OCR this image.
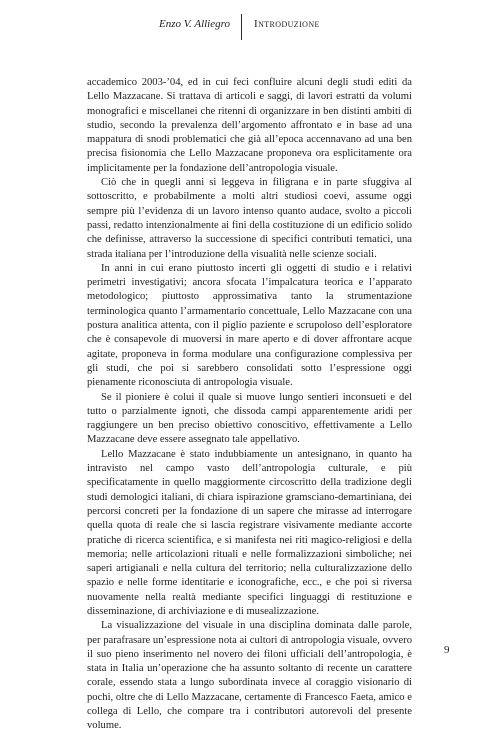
Enzo V. Alliegro Introduzione

accademico 2003-’04, ed in cui feci confluire alcuni degli studi editi da Lello Mazzacane. Si trattava di articoli e saggi, di lavori estratti da volumi monografici e miscellanei che ritenni di organizzare in ben distinti ambiti di studio, secondo la prevalenza dell’argomento affrontato e in base ad una mappatura di snodi problematici che già all’epoca accennavano ad una ben precisa fisionomia che Lello Mazzacane proponeva ora esplicitamente ora implicitamente per la fondazione dell’antropologia visuale.

Ciò che in quegli anni si leggeva in filigrana e in parte sfuggiva al sottoscritto, e probabilmente a molti altri studiosi coevi, assume oggi sempre più l’evidenza di un lavoro intenso quanto audace, svolto a piccoli passi, redatto intenzionalmente ai fini della costituzione di un edificio solido che definisse, attraverso la successione di specifici contributi tematici, una strada italiana per l’introduzione della visualità nelle scienze sociali.

In anni in cui erano piuttosto incerti gli oggetti di studio e i relativi perimetri investigativi; ancora sfocata l’impalcatura teorica e l’apparato metodologico; piuttosto approssimativa tanto la strumentazione terminologica quanto l’armamentario concettuale, Lello Mazzacane con una postura analitica attenta, con il piglio paziente e scrupoloso dell’esploratore che è consapevole di muoversi in mare aperto e di dover affrontare acque agitate, proponeva in forma modulare una configurazione complessiva per gli studi, che poi si sarebbero consolidati sotto l’espressione oggi pienamente riconosciuta di antropologia visuale.

Se il pioniere è colui il quale si muove lungo sentieri inconsueti e del tutto o parzialmente ignoti, che dissoda campi apparentemente aridi per raggiungere un ben preciso obiettivo conoscitivo, effettivamente a Lello Mazzacane deve essere assegnato tale appellativo.

Lello Mazzacane è stato indubbiamente un antesignano, in quanto ha intravisto nel campo vasto dell’antropologia culturale, e più specificatamente in quello maggiormente circoscritto della tradizione degli studi demologici italiani, di chiara ispirazione gramsciano-demartiniana, dei percorsi concreti per la fondazione di un sapere che mirasse ad interrogare quella quota di reale che si lascia registrare visivamente mediante accorte pratiche di ricerca scientifica, e si manifesta nei riti magico-religiosi e della memoria; nelle articolazioni rituali e nelle formalizzazioni simboliche; nei saperi artigianali e nella cultura del territorio; nella culturalizzazione dello spazio e nelle forme identitarie e iconografiche, ecc., e che poi si riversa nuovamente nella realtà mediante specifici linguaggi di restituzione e disseminazione, di archiviazione e di musealizzazione.

La visualizzazione del visuale in una disciplina dominata dalle parole, per parafrasare un’espressione nota ai cultori di antropologia visuale, ovvero il suo pieno inserimento nel novero dei filoni ufficiali dell’antropologia, è stata in Italia un’operazione che ha assunto soltanto di recente un carattere corale, essendo stata a lungo subordinata invece al coraggio visionario di pochi, oltre che di Lello Mazzacane, certamente di Francesco Faeta, amico e collega di Lello, che compare tra i contributori autorevoli del presente volume.

9
